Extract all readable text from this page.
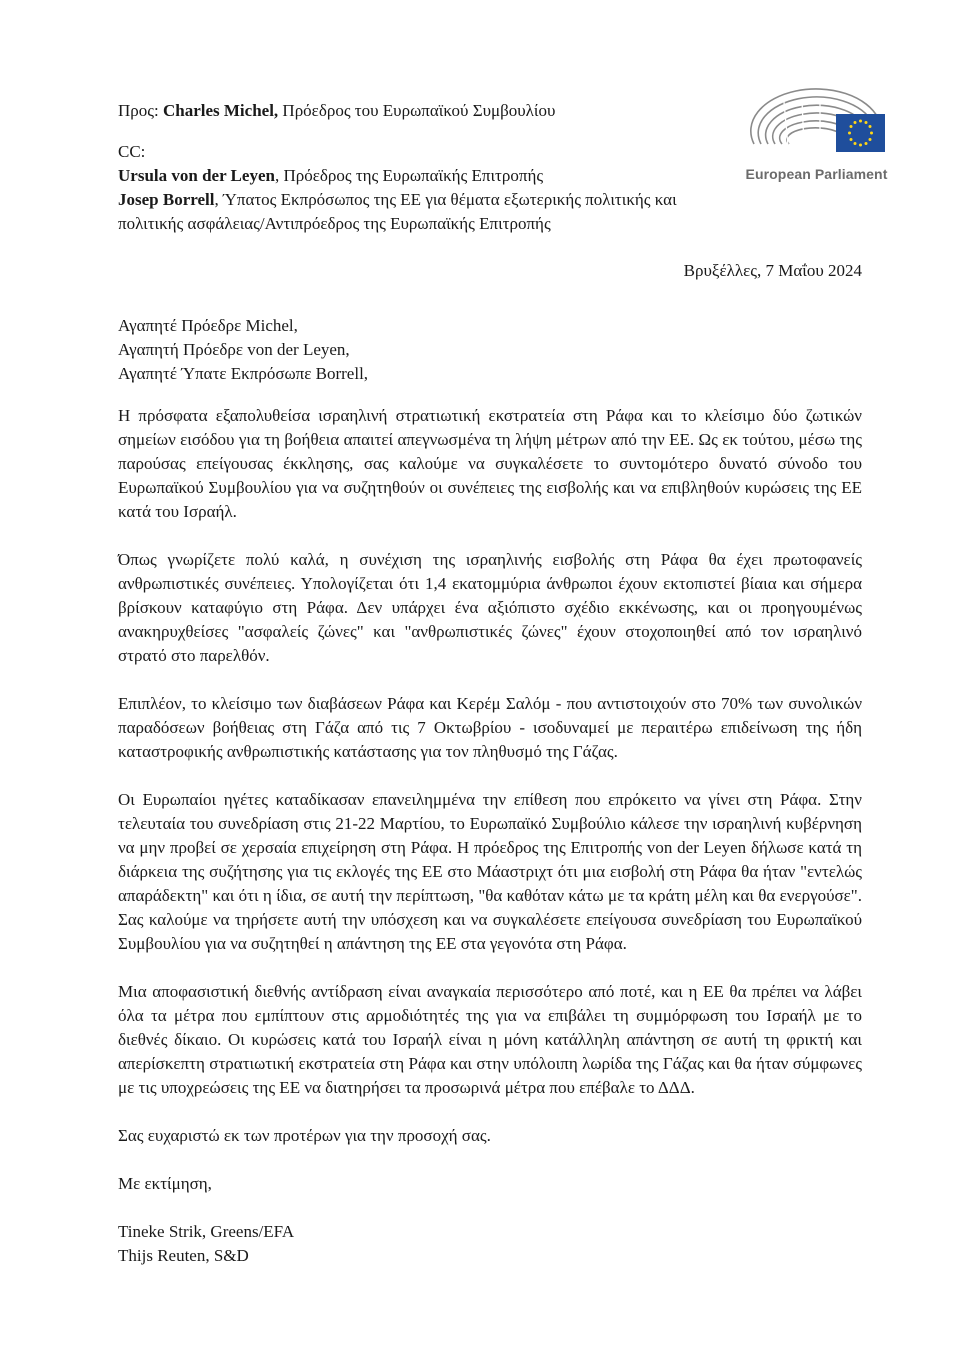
Προς: Charles Michel, Πρόεδρος του Ευρωπαϊκού Συμβουλίου

CC:

Ursula von der Leyen, Πρόεδρος της Ευρωπαϊκής Επιτροπής

Josep Borrell, Ύπατος Εκπρόσωπος της ΕΕ για θέματα εξωτερικής πολιτικής και πολιτικής ασφάλειας/Αντιπρόεδρος της Ευρωπαϊκής Επιτροπής

European Parliament
Βρυξέλλες, 7 Μαΐου 2024

Αγαπητέ Πρόεδρε Michel,

Αγαπητή Πρόεδρε von der Leyen,

Αγαπητέ Ύπατε Εκπρόσωπε Borrell,

Η πρόσφατα εξαπολυθείσα ισραηλινή στρατιωτική εκστρατεία στη Ράφα και το κλείσιμο δύο ζωτικών σημείων εισόδου για τη βοήθεια απαιτεί απεγνωσμένα τη λήψη μέτρων από την ΕΕ. Ως εκ τούτου, μέσω της παρούσας επείγουσας έκκλησης, σας καλούμε να συγκαλέσετε το συντομότερο δυνατό σύνοδο του Ευρωπαϊκού Συμβουλίου για να συζητηθούν οι συνέπειες της εισβολής και να επιβληθούν κυρώσεις της ΕΕ κατά του Ισραήλ.

Όπως γνωρίζετε πολύ καλά, η συνέχιση της ισραηλινής εισβολής στη Ράφα θα έχει πρωτοφανείς ανθρωπιστικές συνέπειες. Υπολογίζεται ότι 1,4 εκατομμύρια άνθρωποι έχουν εκτοπιστεί βίαια και σήμερα βρίσκουν καταφύγιο στη Ράφα. Δεν υπάρχει ένα αξιόπιστο σχέδιο εκκένωσης, και οι προηγουμένως ανακηρυχθείσες "ασφαλείς ζώνες" και "ανθρωπιστικές ζώνες" έχουν στοχοποιηθεί από τον ισραηλινό στρατό στο παρελθόν.

Επιπλέον, το κλείσιμο των διαβάσεων Ράφα και Κερέμ Σαλόμ - που αντιστοιχούν στο 70% των συνολικών παραδόσεων βοήθειας στη Γάζα από τις 7 Οκτωβρίου - ισοδυναμεί με περαιτέρω επιδείνωση της ήδη καταστροφικής ανθρωπιστικής κατάστασης για τον πληθυσμό της Γάζας.

Οι Ευρωπαίοι ηγέτες καταδίκασαν επανειλημμένα την επίθεση που επρόκειτο να γίνει στη Ράφα. Στην τελευταία του συνεδρίαση στις 21-22 Μαρτίου, το Ευρωπαϊκό Συμβούλιο κάλεσε την ισραηλινή κυβέρνηση να μην προβεί σε χερσαία επιχείρηση στη Ράφα. Η πρόεδρος της Επιτροπής von der Leyen δήλωσε κατά τη διάρκεια της συζήτησης για τις εκλογές της ΕΕ στο Μάαστριχτ ότι μια εισβολή στη Ράφα θα ήταν "εντελώς απαράδεκτη" και ότι η ίδια, σε αυτή την περίπτωση, "θα καθόταν κάτω με τα κράτη μέλη και θα ενεργούσε". Σας καλούμε να τηρήσετε αυτή την υπόσχεση και να συγκαλέσετε επείγουσα συνεδρίαση του Ευρωπαϊκού Συμβουλίου για να συζητηθεί η απάντηση της ΕΕ στα γεγονότα στη Ράφα.

Μια αποφασιστική διεθνής αντίδραση είναι αναγκαία περισσότερο από ποτέ, και η ΕΕ θα πρέπει να λάβει όλα τα μέτρα που εμπίπτουν στις αρμοδιότητές της για να επιβάλει τη συμμόρφωση του Ισραήλ με το διεθνές δίκαιο. Οι κυρώσεις κατά του Ισραήλ είναι η μόνη κατάλληλη απάντηση σε αυτή τη φρικτή και απερίσκεπτη στρατιωτική εκστρατεία στη Ράφα και στην υπόλοιπη λωρίδα της Γάζας και θα ήταν σύμφωνες με τις υποχρεώσεις της ΕΕ να διατηρήσει τα προσωρινά μέτρα που επέβαλε το ΔΔΔ.

Σας ευχαριστώ εκ των προτέρων για την προσοχή σας.

Με εκτίμηση,

Tineke Strik, Greens/EFA
Thijs Reuten, S&D
